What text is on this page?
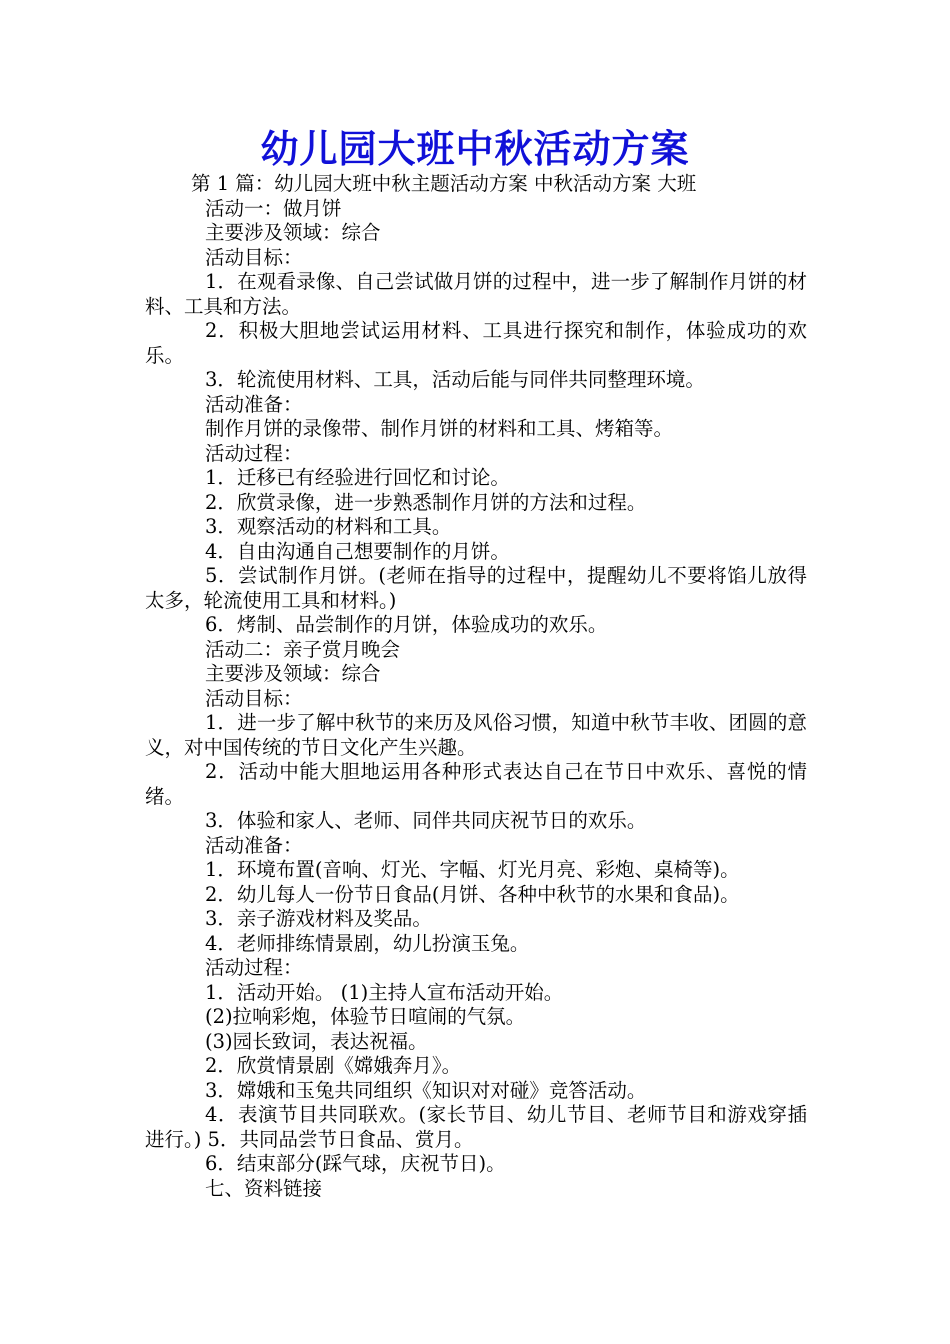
幼儿园大班中秋活动方案

第 1 篇：幼儿园大班中秋主题活动方案 中秋活动方案 大班

活动一：做月饼

主要涉及领域：综合

活动目标：

1．在观看录像、自己尝试做月饼的过程中，进一步了解制作月饼的材料、工具和方法。

2．积极大胆地尝试运用材料、工具进行探究和制作，体验成功的欢乐。

3．轮流使用材料、工具，活动后能与同伴共同整理环境。

活动准备：

制作月饼的录像带、制作月饼的材料和工具、烤箱等。

活动过程：

1．迁移已有经验进行回忆和讨论。

2．欣赏录像，进一步熟悉制作月饼的方法和过程。

3．观察活动的材料和工具。

4．自由沟通自己想要制作的月饼。

5．尝试制作月饼。(老师在指导的过程中，提醒幼儿不要将馅儿放得太多，轮流使用工具和材料。)

6．烤制、品尝制作的月饼，体验成功的欢乐。

活动二：亲子赏月晚会

主要涉及领域：综合

活动目标：

1．进一步了解中秋节的来历及风俗习惯，知道中秋节丰收、团圆的意义，对中国传统的节日文化产生兴趣。

2．活动中能大胆地运用各种形式表达自己在节日中欢乐、喜悦的情绪。

3．体验和家人、老师、同伴共同庆祝节日的欢乐。

活动准备：

1．环境布置(音响、灯光、字幅、灯光月亮、彩炮、桌椅等)。

2．幼儿每人一份节日食品(月饼、各种中秋节的水果和食品)。

3．亲子游戏材料及奖品。

4．老师排练情景剧，幼儿扮演玉兔。

活动过程：

1．活动开始。 (1)主持人宣布活动开始。

(2)拉响彩炮，体验节日喧闹的气氛。

(3)园长致词，表达祝福。

2．欣赏情景剧《嫦娥奔月》。

3．嫦娥和玉兔共同组织《知识对对碰》竞答活动。

4．表演节目共同联欢。(家长节目、幼儿节目、老师节目和游戏穿插进行。) 5．共同品尝节日食品、赏月。

6．结束部分(踩气球，庆祝节日)。

七、资料链接
